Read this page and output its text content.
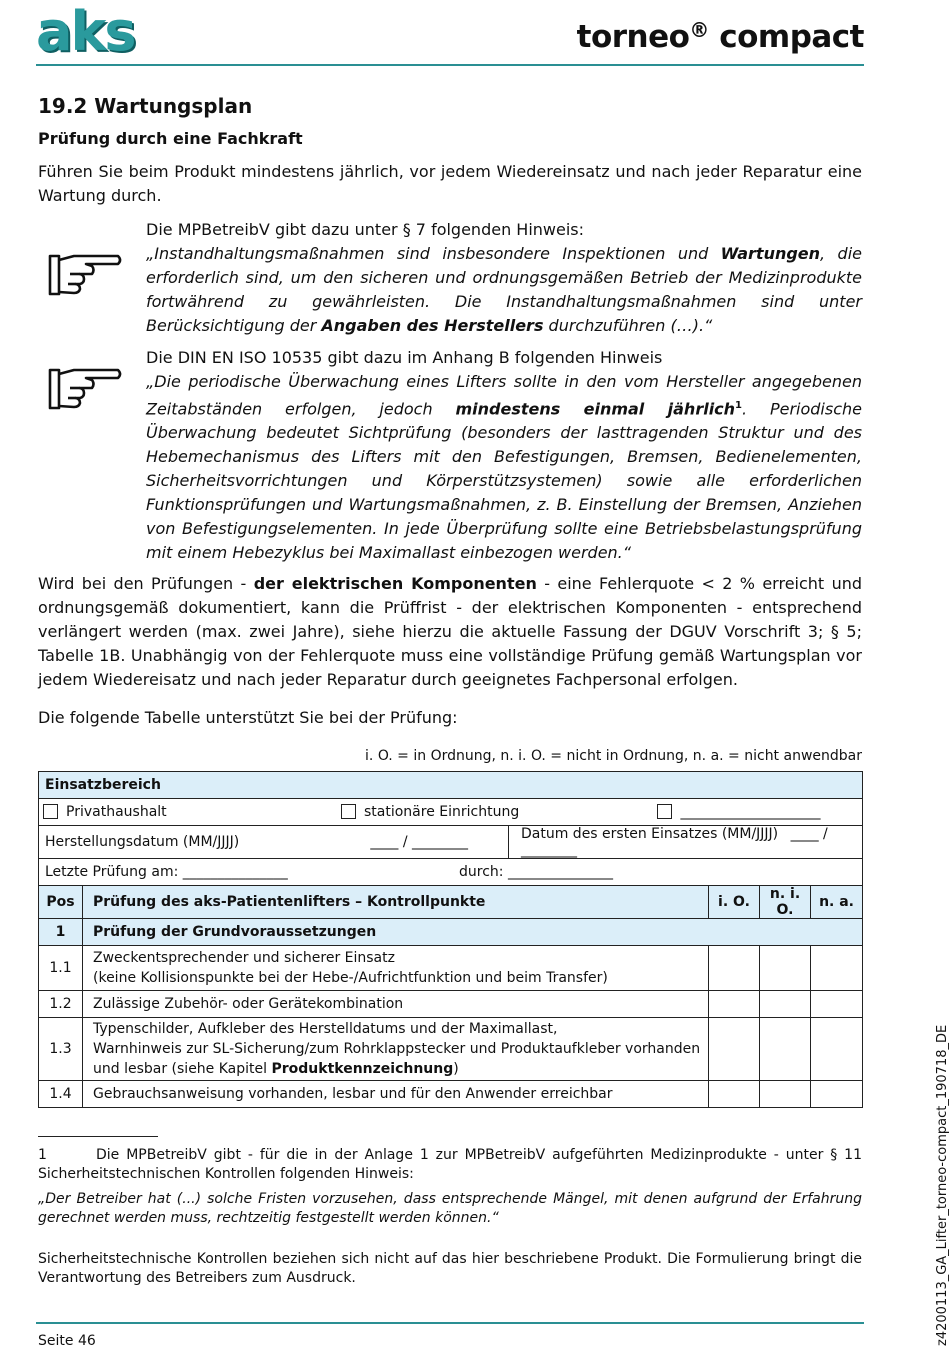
aks	torneo® compact
19.2 Wartungsplan
Prüfung durch eine Fachkraft
Führen Sie beim Produkt mindestens jährlich, vor jedem Wiedereinsatz und nach jeder Reparatur eine Wartung durch.
Die MPBetreibV gibt dazu unter § 7 folgenden Hinweis:
„Instandhaltungsmaßnahmen sind insbesondere Inspektionen und Wartungen, die erforderlich sind, um den sicheren und ordnungsgemäßen Betrieb der Medizinprodukte fortwährend zu gewährleisten. Die Instandhaltungsmaßnahmen sind unter Berücksichtigung der Angaben des Herstellers durchzuführen (…).“
Die DIN EN ISO 10535 gibt dazu im Anhang B folgenden Hinweis
„Die periodische Überwachung eines Lifters sollte in den vom Hersteller angegebenen Zeitabständen erfolgen, jedoch mindestens einmal jährlich$^1$. Periodische Überwachung bedeutet Sichtprüfung (besonders der lasttragenden Struktur und des Hebemechanismus des Lifters mit den Befestigungen, Bremsen, Bedienelementen, Sicherheitsvorrichtungen und Körperstützsystemen) sowie alle erforderlichen Funktionsprüfungen und Wartungsmaßnahmen, z. B. Einstellung der Bremsen, Anziehen von Befestigungselementen. In jede Überprüfung sollte eine Betriebsbelastungsprüfung mit einem Hebezyklus bei Maximallast einbezogen werden.“
Wird bei den Prüfungen - der elektrischen Komponenten - eine Fehlerquote < 2 % erreicht und ordnungsgemäß dokumentiert, kann die Prüffrist - der elektrischen Komponenten - entsprechend verlängert werden (max. zwei Jahre), siehe hierzu die aktuelle Fassung der DGUV Vorschrift 3; § 5; Tabelle 1B. Unabhängig von der Fehlerquote muss eine vollständige Prüfung gemäß Wartungsplan vor jedem Wiedereisatz und nach jeder Reparatur durch geeignetes Fachpersonal erfolgen.
Die folgende Tabelle unterstützt Sie bei der Prüfung:
i. O. = in Ordnung, n. i. O. = nicht in Ordnung, n. a. = nicht anwendbar
Einsatzbereich					
Privathaushalt stationäre Einrichtung ____________________					
Herstellungsdatum (MM/JJJJ) ____ / ________		Datum des ersten Einsatzes (MM/JJJJ) ____ / ________			
Letzte Prüfung am: _______________ durch: _______________					
Pos	Prüfung des aks-Patientenlifters – Kontrollpunkte		i. O.	n. i. O.	n. a.
1	Prüfung der Grundvoraussetzungen				
1.1	Zweckentsprechender und sicherer Einsatz
(keine Kollisionspunkte bei der Hebe-/Aufrichtfunktion und beim Transfer)				

1.2	Zulässige Zubehör- oder Gerätekombination				
1.3	Typenschilder, Aufkleber des Herstelldatums und der Maximallast,
Warnhinweis zur SL-Sicherung/zum Rohrklappstecker und Produktaufkleber vorhanden
und lesbar (siehe Kapitel Produktkennzeichnung)				

1.4	Gebrauchsanweisung vorhanden, lesbar und für den Anwender erreichbar				
1	Die MPBetreibV gibt - für die in der Anlage 1 zur MPBetreibV aufgeführten Medizinprodukte - unter § 11 Sicherheitstechnischen Kontrollen folgenden Hinweis:
„Der Betreiber hat (...) solche Fristen vorzusehen, dass entsprechende Mängel, mit denen aufgrund der Erfahrung gerechnet werden muss, rechtzeitig festgestellt werden können.“
Sicherheitstechnische Kontrollen beziehen sich nicht auf das hier beschriebene Produkt. Die Formulierung bringt die Verantwortung des Betreibers zum Ausdruck.
Seite 46	z4200113_GA_Lifter_torneo-compact_190718_DE
